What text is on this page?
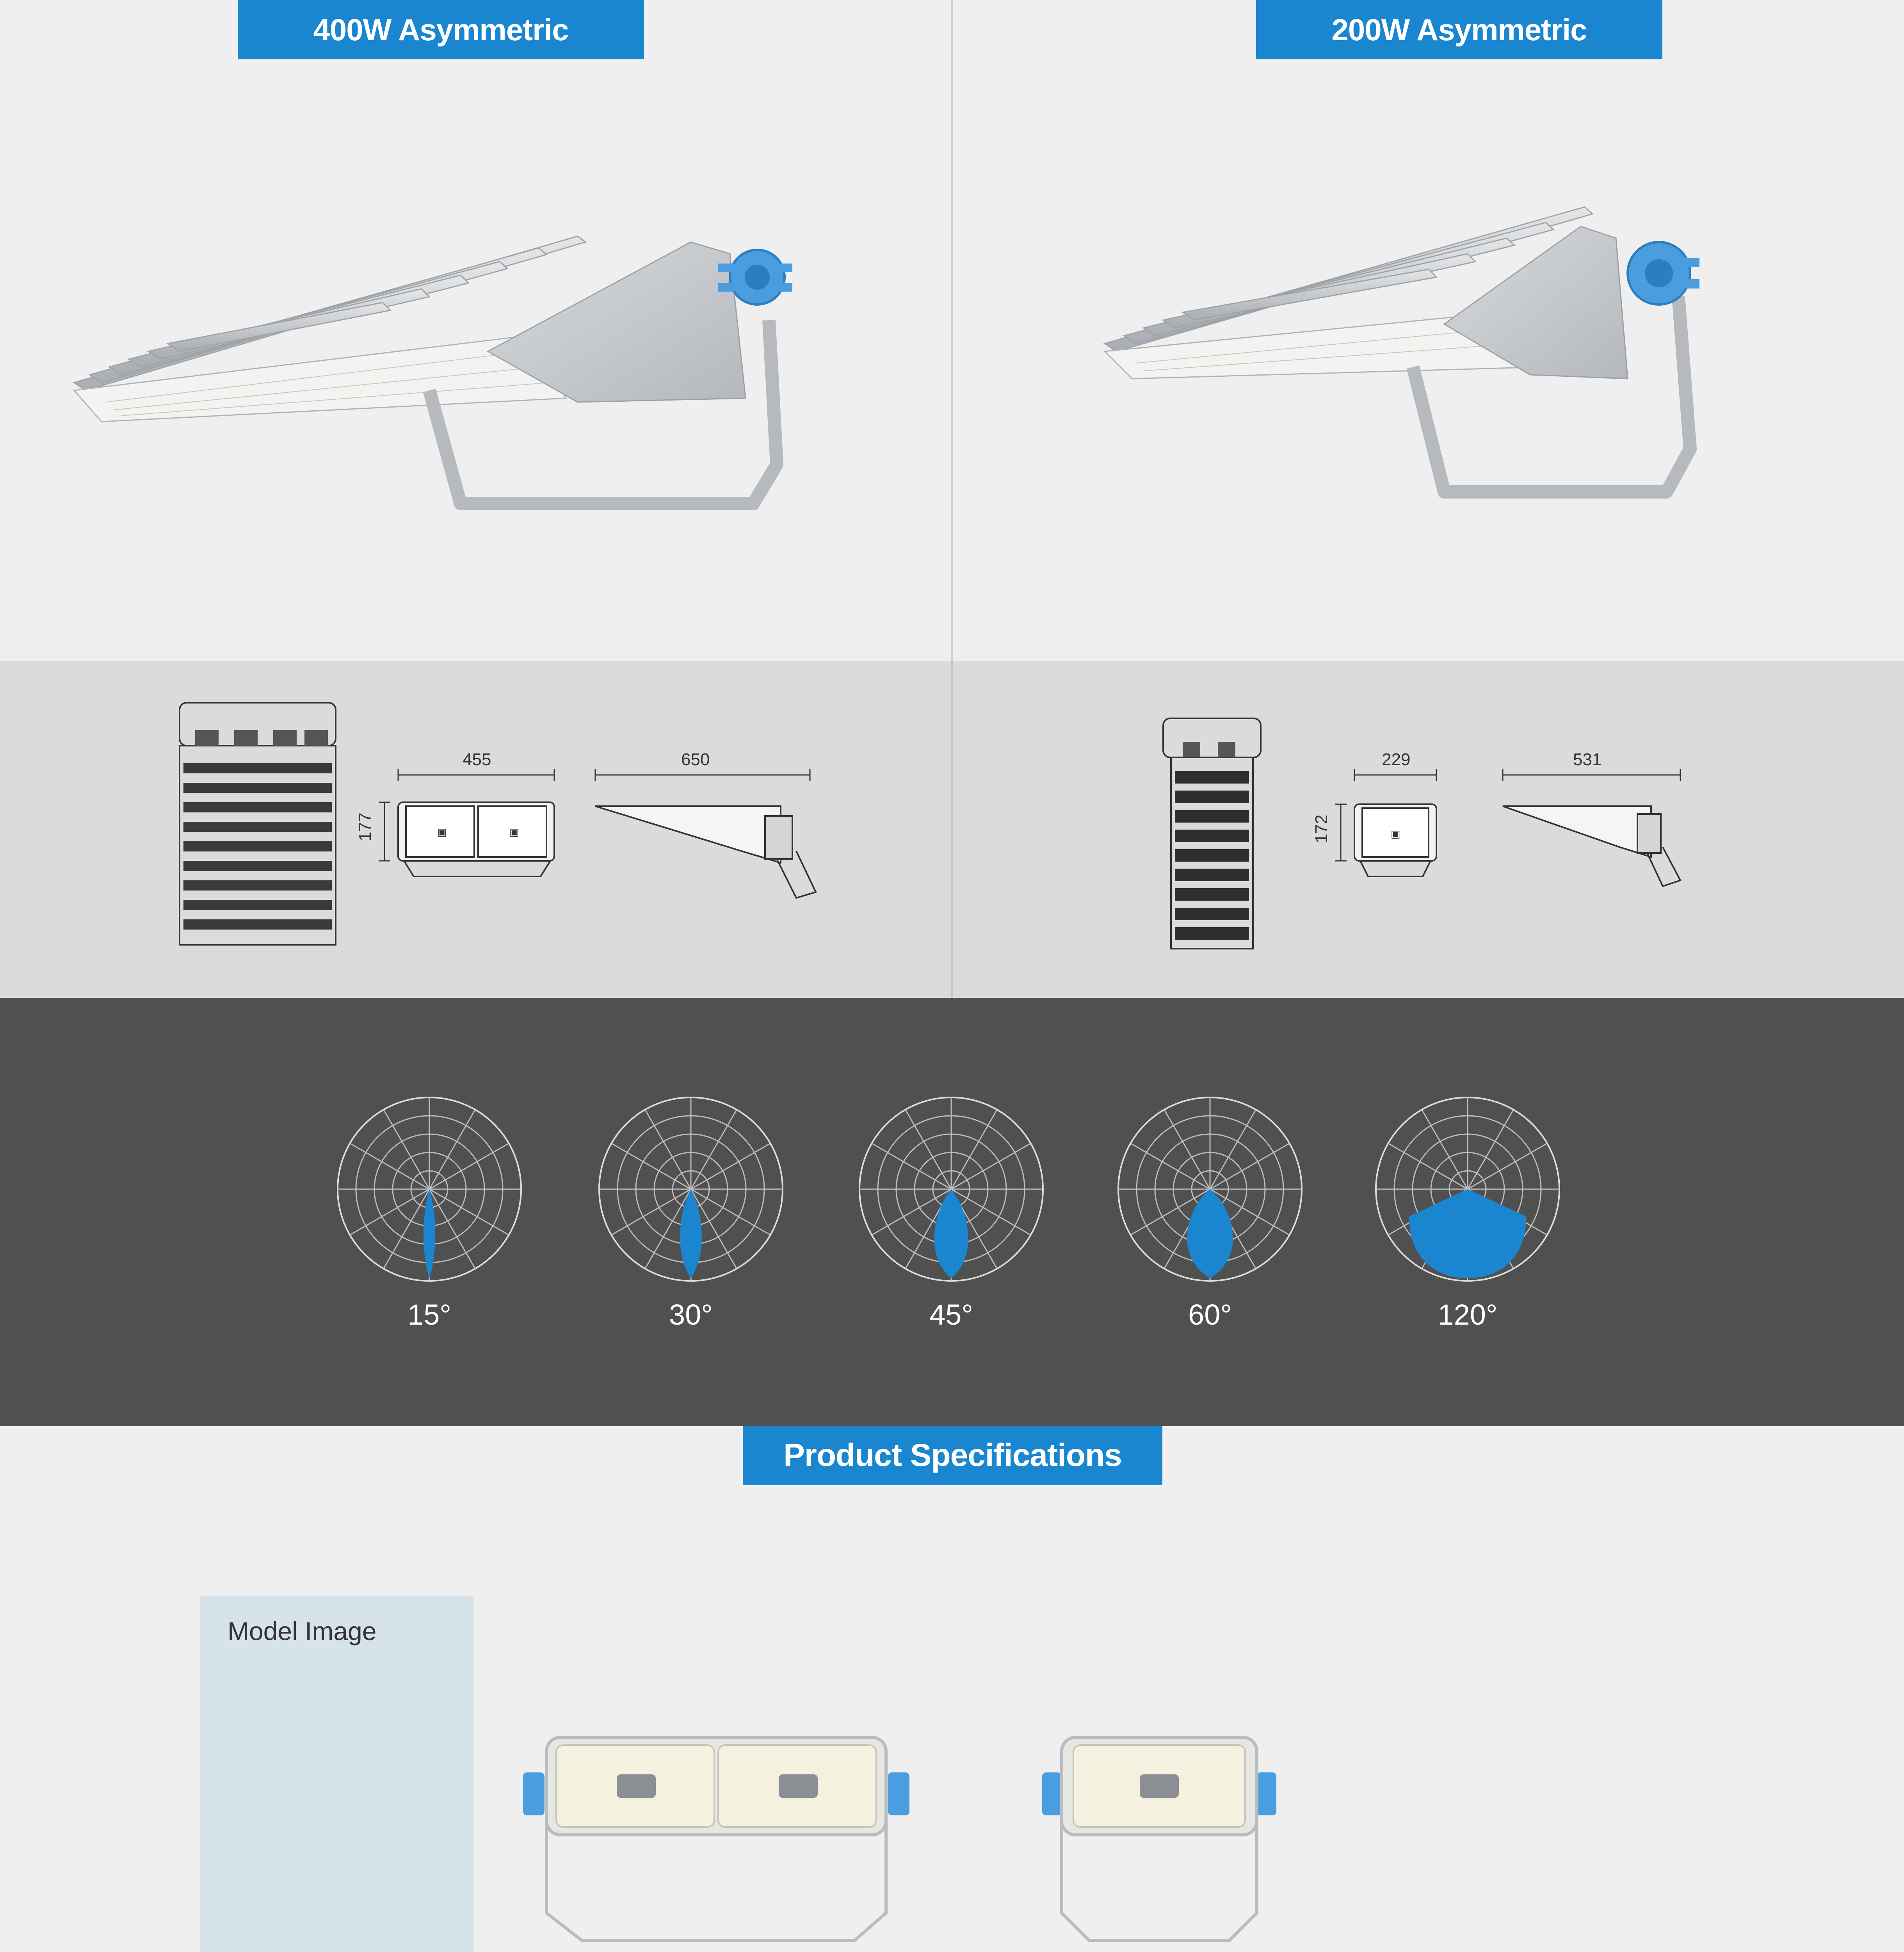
400W Asymmetric	200W Asymmetric
▣	▣
455
177
650
▣
229
172
531
15°	30°	45°	60°	120°
Product Specifications
Model Image
